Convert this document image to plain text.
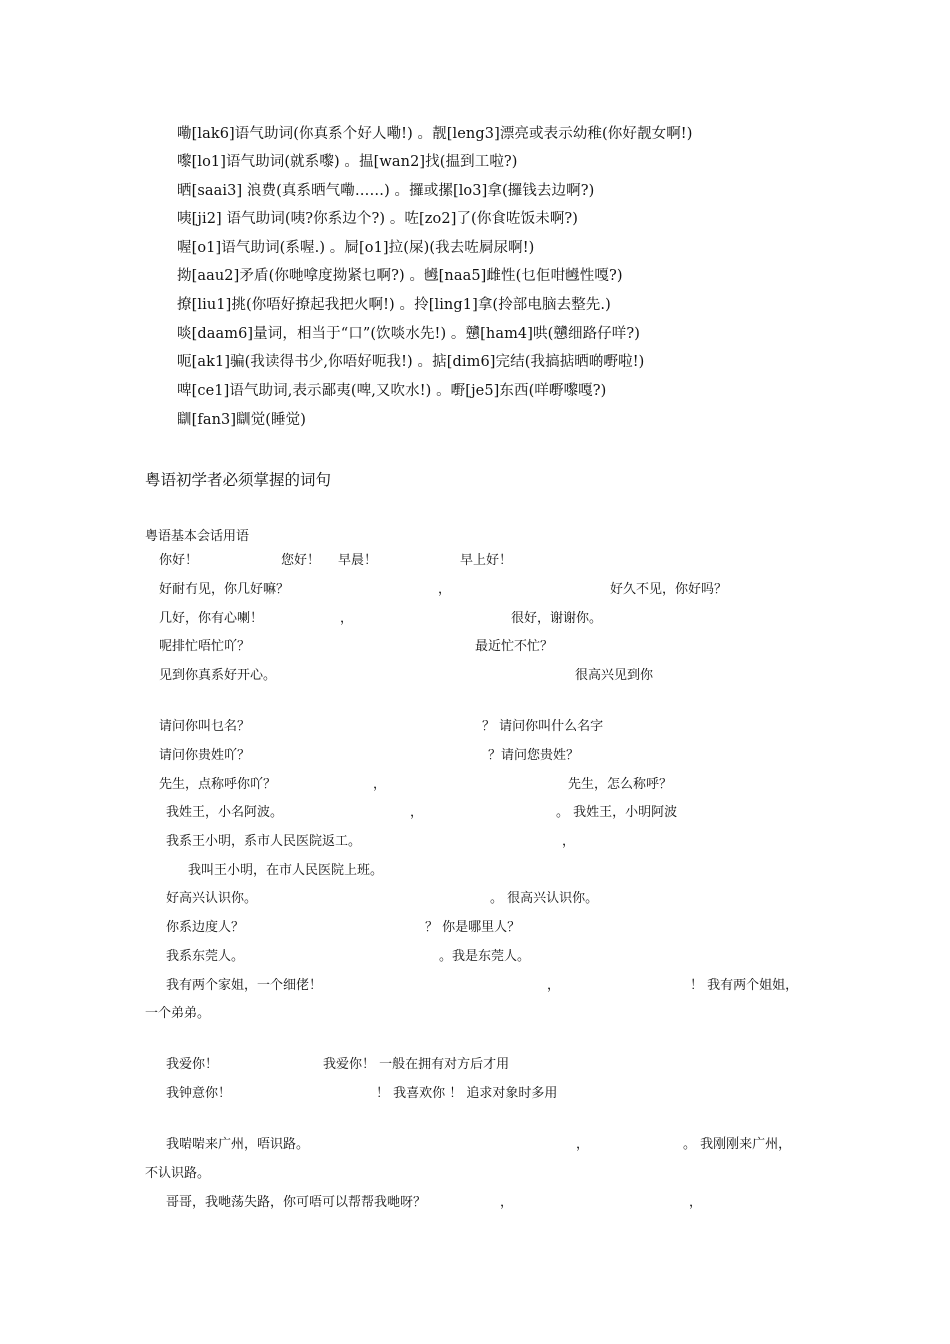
嘞[lak6]语气助词(你真系个好人嘞!) 。靓[leng3]漂亮或表示幼稚(你好靓女啊!)
嚟[lo1]语气助词(就系嚟) 。揾[wan2]找(揾到工啦?)
晒[saai3] 浪费(真系晒气嘞……) 。攞或摞[lo3]拿(攞钱去边啊?)
咦[ji2] 语气助词(咦?你系边个?) 。咗[zo2]了(你食咗饭未啊?)
喔[o1]语气助词(系喔.) 。屙[o1]拉(屎)(我去咗屙尿啊!)
拗[aau2]矛盾(你哋嗱度拗紧乜啊?) 。乸[naa5]雌性(乜佢咁乸性嘎?)
撩[liu1]挑(你唔好撩起我把火啊!) 。拎[ling1]拿(拎部电脑去整先.)
啖[daam6]量词，相当于“口”(饮啖水先!) 。戇[ham4]哄(戇细路仔咩?)
呃[ak1]骗(我读得书少,你唔好呃我!) 。掂[dim6]完结(我搞掂晒啲嘢啦!)
啤[ce1]语气助词,表示鄙夷(啤,又吹水!) 。嘢[je5]东西(咩嘢嚟嘎?)
瞓[fan3]瞓觉(睡觉)
粤语初学者必须掌握的词句
粤语基本会话用语
你好！	您好！ 早晨！	早上好！
好耐冇见，你几好嘛？	，	好久不见，你好吗？
几好，你有心喇！	，	很好，谢谢你。
呢排忙唔忙吖？	最近忙不忙？
见到你真系好开心。	很高兴见到你
请问你叫乜名？	？ 请问你叫什么名字
请问你贵姓吖？	？请问您贵姓？
先生，点称呼你吖？	，	先生，怎么称呼？
我姓王，小名阿波。	，	。 我姓王，小明阿波
我系王小明，系市人民医院返工。	，
我叫王小明，在市人民医院上班。
好高兴认识你。	。 很高兴认识你。
你系边度人？	？ 你是哪里人？
我系东莞人。	。我是东莞人。
我有两个家姐，一个细佬！	，	！ 我有两个姐姐，
一个弟弟。
我爱你！	我爱你！ 一般在拥有对方后才用
我钟意你！	！ 我喜欢你 ！ 追求对象时多用
我啱啱来广州，唔识路。	，	。 我刚刚来广州，
不认识路。
哥哥，我哋荡失路，你可唔可以帮帮我哋呀？	，	，
